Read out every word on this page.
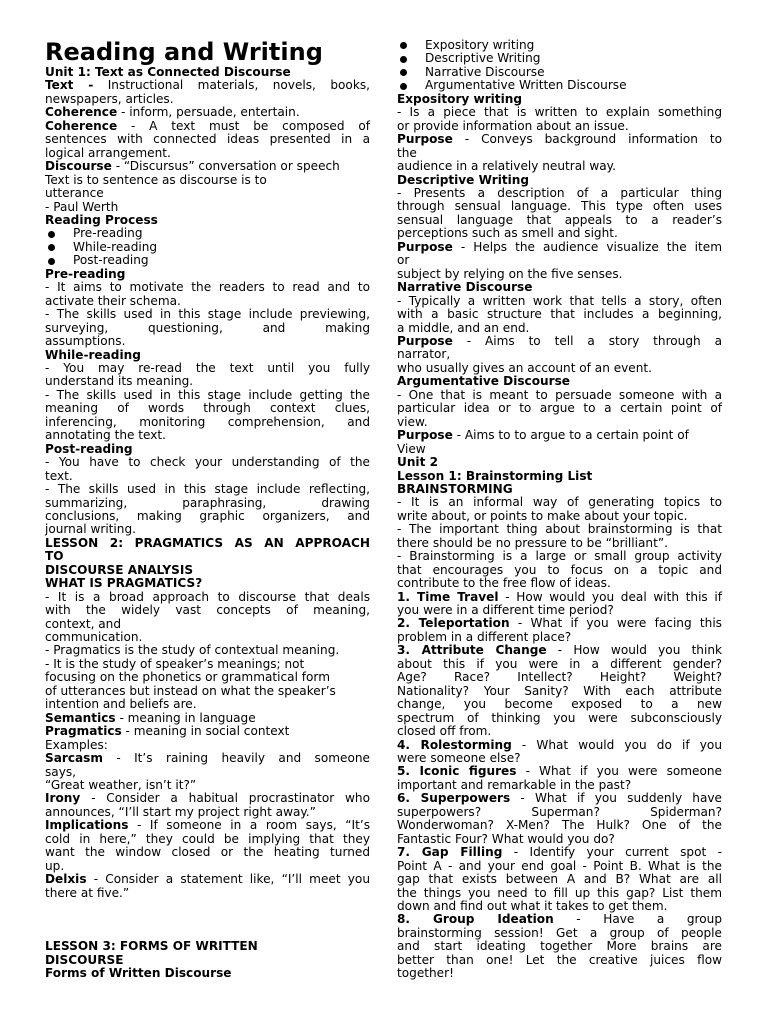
Reading and Writing
Unit 1: Text as Connected Discourse
Text - Instructional materials, novels, books,
newspapers, articles.
Coherence - inform, persuade, entertain.
Coherence - A text must be composed of
sentences with connected ideas presented in a
logical arrangement.
Discourse - “Discursus” conversation or speech
Text is to sentence as discourse is to
utterance
- Paul Werth
Reading Process
Pre-reading
While-reading
Post-reading
Pre-reading
- It aims to motivate the readers to read and to
activate their schema.
- The skills used in this stage include previewing,
surveying, questioning, and making
assumptions.
While-reading
- You may re-read the text until you fully
understand its meaning.
- The skills used in this stage include getting the
meaning of words through context clues,
inferencing, monitoring comprehension, and
annotating the text.
Post-reading
- You have to check your understanding of the
text.
- The skills used in this stage include reflecting,
summarizing, paraphrasing, drawing
conclusions, making graphic organizers, and
journal writing.
LESSON 2: PRAGMATICS AS AN APPROACH
TO
DISCOURSE ANALYSIS
WHAT IS PRAGMATICS?
- It is a broad approach to discourse that deals
with the widely vast concepts of meaning,
context, and
communication.
- Pragmatics is the study of contextual meaning.
- It is the study of speaker’s meanings; not
focusing on the phonetics or grammatical form
of utterances but instead on what the speaker’s
intention and beliefs are.
Semantics - meaning in language
Pragmatics - meaning in social context
Examples:
Sarcasm - It’s raining heavily and someone
says,
“Great weather, isn’t it?”
Irony - Consider a habitual procrastinator who
announces, “I’ll start my project right away.”
Implications - If someone in a room says, “It’s
cold in here,” they could be implying that they
want the window closed or the heating turned
up.
Delxis - Consider a statement like, “I’ll meet you
there at five.”
LESSON 3: FORMS OF WRITTEN
DISCOURSE
Forms of Written Discourse
Expository writing
Descriptive Writing
Narrative Discourse
Argumentative Written Discourse
Expository writing
- Is a piece that is written to explain something
or provide information about an issue.
Purpose - Conveys background information to
the
audience in a relatively neutral way.
Descriptive Writing
- Presents a description of a particular thing
through sensual language. This type often uses
sensual language that appeals to a reader’s
perceptions such as smell and sight.
Purpose - Helps the audience visualize the item
or
subject by relying on the five senses.
Narrative Discourse
- Typically a written work that tells a story, often
with a basic structure that includes a beginning,
a middle, and an end.
Purpose - Aims to tell a story through a
narrator,
who usually gives an account of an event.
Argumentative Discourse
- One that is meant to persuade someone with a
particular idea or to argue to a certain point of
view.
Purpose - Aims to to argue to a certain point of
View
Unit 2
Lesson 1: Brainstorming List
BRAINSTORMING
- It is an informal way of generating topics to
write about, or points to make about your topic.
- The important thing about brainstorming is that
there should be no pressure to be “brilliant”.
- Brainstorming is a large or small group activity
that encourages you to focus on a topic and
contribute to the free flow of ideas.
1. Time Travel - How would you deal with this if
you were in a different time period?
2. Teleportation - What if you were facing this
problem in a different place?
3. Attribute Change - How would you think
about this if you were in a different gender?
Age? Race? Intellect? Height? Weight?
Nationality? Your Sanity? With each attribute
change, you become exposed to a new
spectrum of thinking you were subconsciously
closed off from.
4. Rolestorming - What would you do if you
were someone else?
5. Iconic figures - What if you were someone
important and remarkable in the past?
6. Superpowers - What if you suddenly have
superpowers? Superman? Spiderman?
Wonderwoman? X-Men? The Hulk? One of the
Fantastic Four? What would you do?
7. Gap Filling - Identify your current spot -
Point A - and your end goal - Point B. What is the
gap that exists between A and B? What are all
the things you need to fill up this gap? List them
down and find out what it takes to get them.
8. Group Ideation - Have a group
brainstorming session! Get a group of people
and start ideating together More brains are
better than one! Let the creative juices flow
together!
